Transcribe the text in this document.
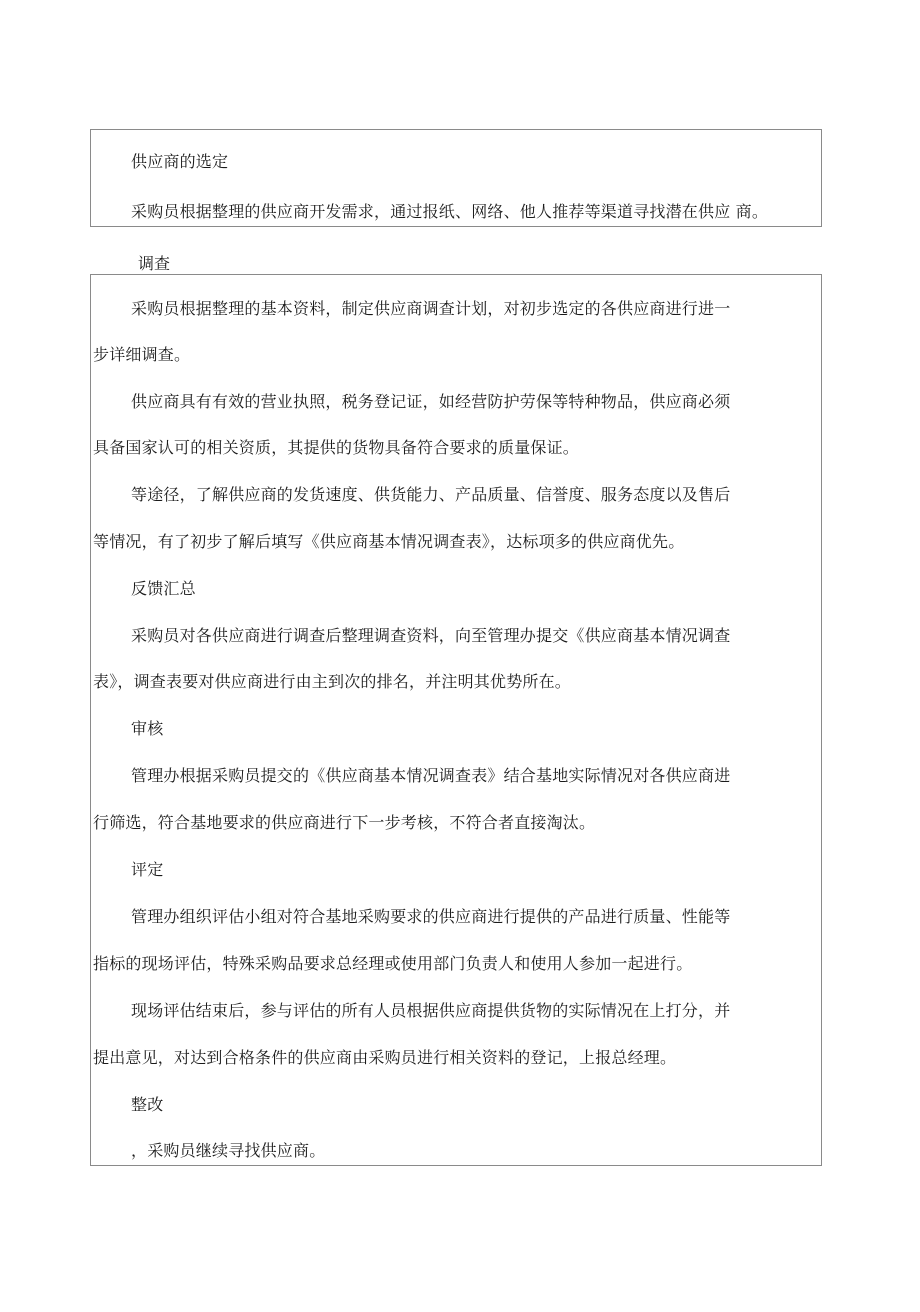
供应商的选定
采购员根据整理的供应商开发需求，通过报纸、网络、他人推荐等渠道寻找潜在供应 商。
调查
采购员根据整理的基本资料，制定供应商调查计划，对初步选定的各供应商进行进一
步详细调查。
供应商具有有效的营业执照，税务登记证，如经营防护劳保等特种物品，供应商必须
具备国家认可的相关资质，其提供的货物具备符合要求的质量保证。
等途径，了解供应商的发货速度、供货能力、产品质量、信誉度、服务态度以及售后
等情况，有了初步了解后填写《供应商基本情况调查表》，达标项多的供应商优先。
反馈汇总
采购员对各供应商进行调查后整理调查资料，向至管理办提交《供应商基本情况调查
表》，调查表要对供应商进行由主到次的排名，并注明其优势所在。
审核
管理办根据采购员提交的《供应商基本情况调查表》结合基地实际情况对各供应商进
行筛选，符合基地要求的供应商进行下一步考核，不符合者直接淘汰。
评定
管理办组织评估小组对符合基地采购要求的供应商进行提供的产品进行质量、性能等
指标的现场评估，特殊采购品要求总经理或使用部门负责人和使用人参加一起进行。
现场评估结束后，参与评估的所有人员根据供应商提供货物的实际情况在上打分，并
提出意见，对达到合格条件的供应商由采购员进行相关资料的登记，上报总经理。
整改
，采购员继续寻找供应商。
